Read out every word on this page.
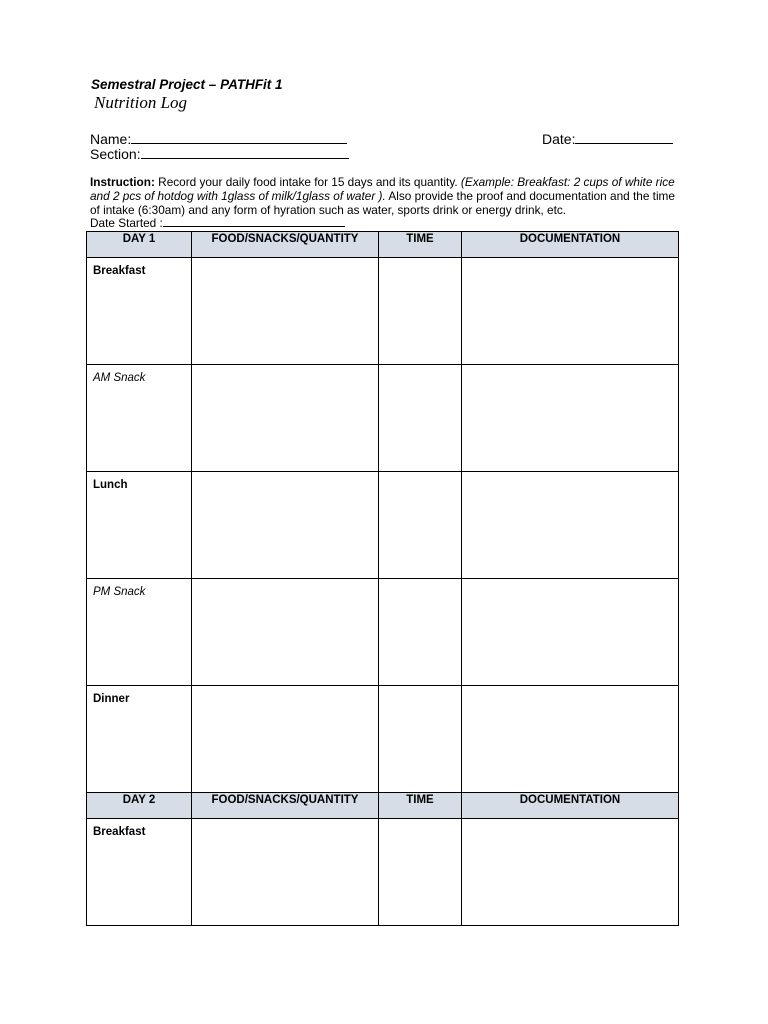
Semestral Project – PATHFit 1
Nutrition Log
Name:
Section:
Date:
Instruction: Record your daily food intake for 15 days and its quantity. (Example: Breakfast: 2 cups of white rice and 2 pcs of hotdog with 1glass of milk/1glass of water ). Also provide the proof and documentation and the time of intake (6:30am) and any form of hyration such as water, sports drink or energy drink, etc.
Date Started :
DAY 1	FOOD/SNACKS/QUANTITY	TIME	DOCUMENTATION
Breakfast			
AM Snack			
Lunch			
PM Snack			
Dinner			
DAY 2	FOOD/SNACKS/QUANTITY	TIME	DOCUMENTATION
Breakfast			
